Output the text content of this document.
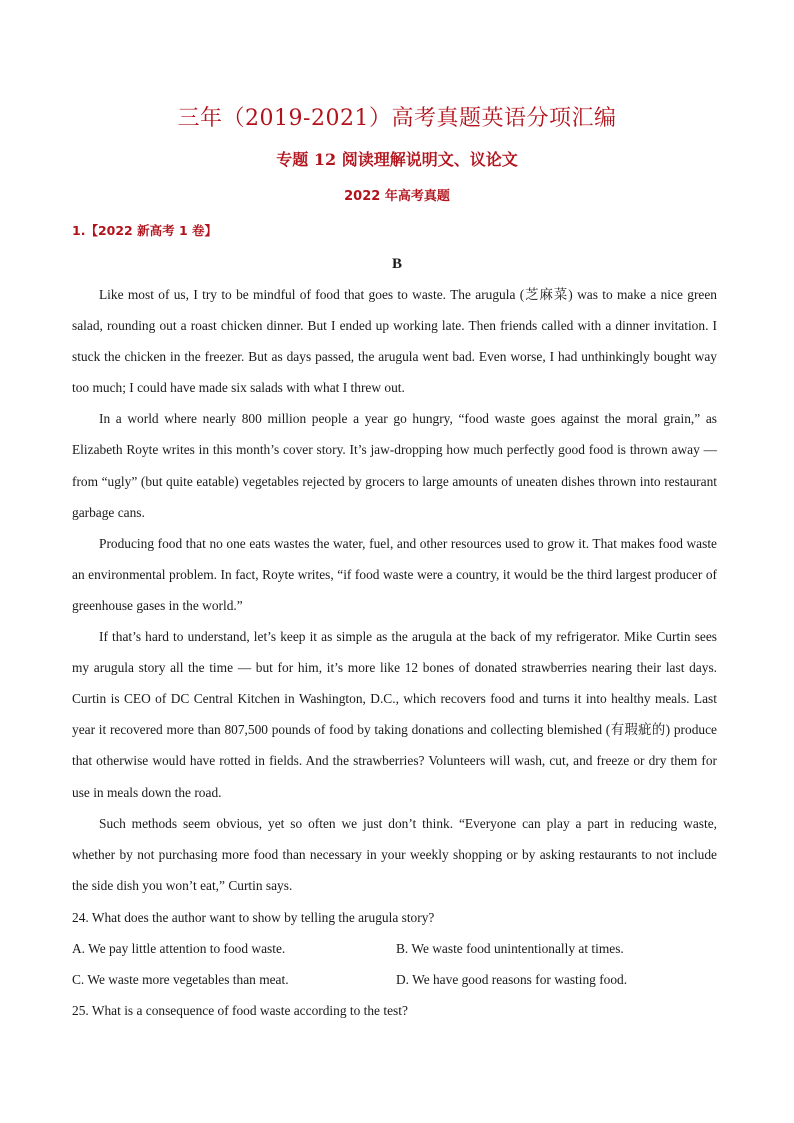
三年（2019-2021）高考真题英语分项汇编
专题 12 阅读理解说明文、议论文
2022 年高考真题
1.【2022 新高考 1 卷】
B

Like most of us, I try to be mindful of food that goes to waste. The arugula (芝麻菜) was to make a nice green salad, rounding out a roast chicken dinner. But I ended up working late. Then friends called with a dinner invitation. I stuck the chicken in the freezer. But as days passed, the arugula went bad. Even worse, I had unthinkingly bought way too much; I could have made six salads with what I threw out.

In a world where nearly 800 million people a year go hungry, “food waste goes against the moral grain,” as Elizabeth Royte writes in this month’s cover story. It’s jaw-dropping how much perfectly good food is thrown away — from “ugly” (but quite eatable) vegetables rejected by grocers to large amounts of uneaten dishes thrown into restaurant garbage cans.

Producing food that no one eats wastes the water, fuel, and other resources used to grow it. That makes food waste an environmental problem. In fact, Royte writes, “if food waste were a country, it would be the third largest producer of greenhouse gases in the world.”

If that’s hard to understand, let’s keep it as simple as the arugula at the back of my refrigerator. Mike Curtin sees my arugula story all the time — but for him, it’s more like 12 bones of donated strawberries nearing their last days. Curtin is CEO of DC Central Kitchen in Washington, D.C., which recovers food and turns it into healthy meals. Last year it recovered more than 807,500 pounds of food by taking donations and collecting blemished (有瑕疵的) produce that otherwise would have rotted in fields. And the strawberries? Volunteers will wash, cut, and freeze or dry them for use in meals down the road.

Such methods seem obvious, yet so often we just don’t think. “Everyone can play a part in reducing waste, whether by not purchasing more food than necessary in your weekly shopping or by asking restaurants to not include the side dish you won’t eat,” Curtin says.

24. What does the author want to show by telling the arugula story?

A. We pay little attention to food waste.	B. We waste food unintentionally at times.
C. We waste more vegetables than meat.	D. We have good reasons for wasting food.

25. What is a consequence of food waste according to the test?
